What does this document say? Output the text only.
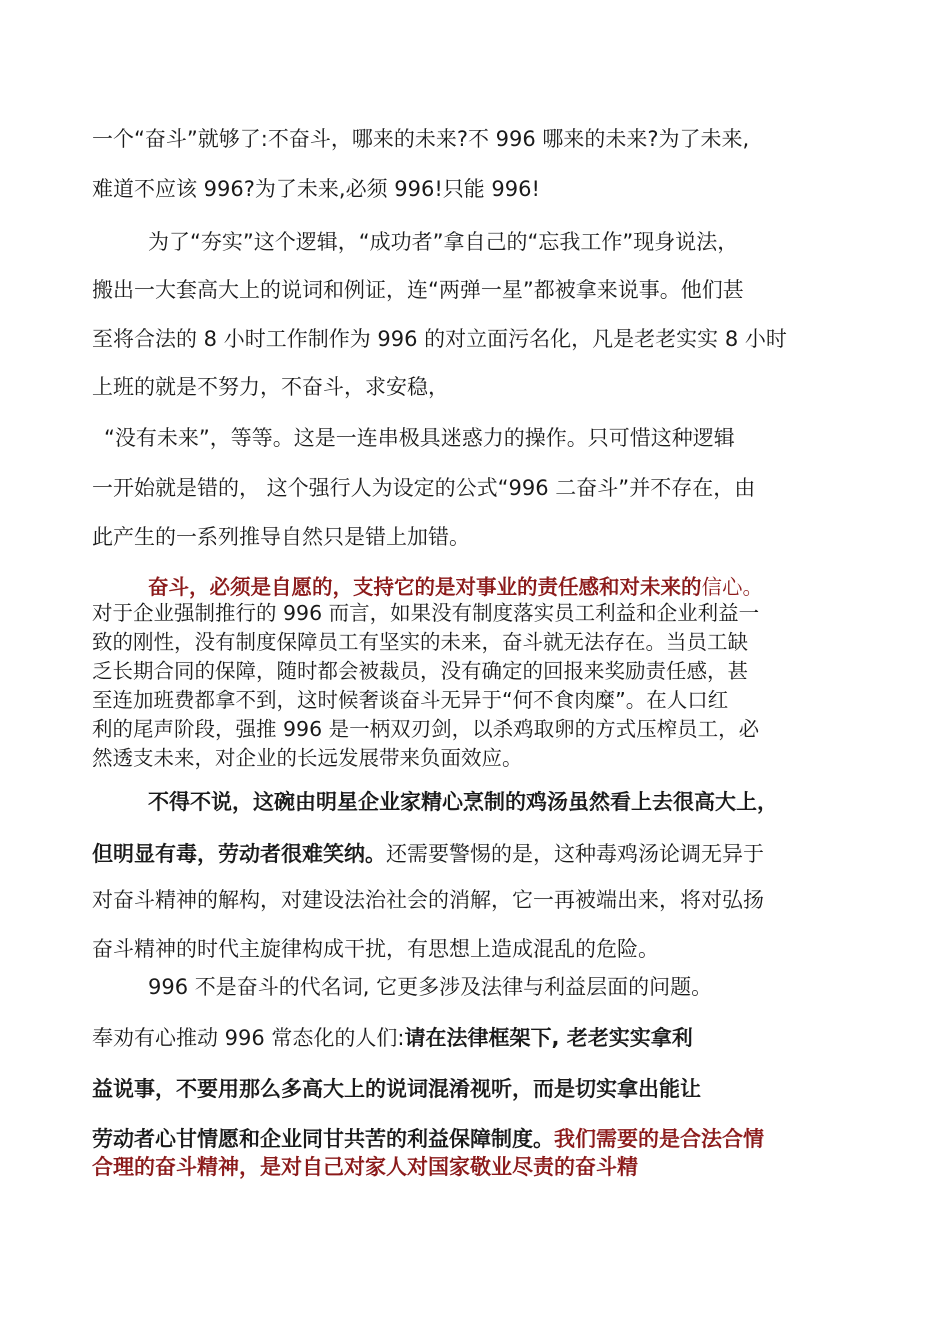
一个“奋斗”就够了:不奋斗，哪来的未来?不 996 哪来的未来?为了未来,
难道不应该 996?为了未来,必须 996!只能 996!
为了“夯实”这个逻辑，“成功者”拿自己的“忘我工作”现身说法，
搬出一大套高大上的说词和例证，连“两弹一星”都被拿来说事。他们甚
至将合法的 8 小时工作制作为 996 的对立面污名化，凡是老老实实 8 小时
上班的就是不努力，不奋斗，求安稳，
“没有未来”，等等。这是一连串极具迷惑力的操作。只可惜这种逻辑
一开始就是错的， 这个强行人为设定的公式“996 二奋斗”并不存在，由
此产生的一系列推导自然只是错上加错。
奋斗，必须是自愿的，支持它的是对事业的责任感和对未来的信心。
对于企业强制推行的 996 而言，如果没有制度落实员工利益和企业利益一
致的刚性，没有制度保障员工有坚实的未来，奋斗就无法存在。当员工缺
乏长期合同的保障，随时都会被裁员，没有确定的回报来奖励责任感，甚
至连加班费都拿不到，这时候奢谈奋斗无异于“何不食肉糜”。在人口红
利的尾声阶段，强推 996 是一柄双刃剑，以杀鸡取卵的方式压榨员工，必
然透支未来，对企业的长远发展带来负面效应。
不得不说，这碗由明星企业家精心烹制的鸡汤虽然看上去很高大上，
但明显有毒，劳动者很难笑纳。还需要警惕的是，这种毒鸡汤论调无异于
对奋斗精神的解构，对建设法治社会的消解，它一再被端出来，将对弘扬
奋斗精神的时代主旋律构成干扰，有思想上造成混乱的危险。
996 不是奋斗的代名词, 它更多涉及法律与利益层面的问题。
奉劝有心推动 996 常态化的人们:请在法律框架下, 老老实实拿利
益说事，不要用那么多高大上的说词混淆视听，而是切实拿出能让
劳动者心甘情愿和企业同甘共苦的利益保障制度。我们需要的是合法合情
合理的奋斗精神，是对自己对家人对国家敬业尽责的奋斗精
